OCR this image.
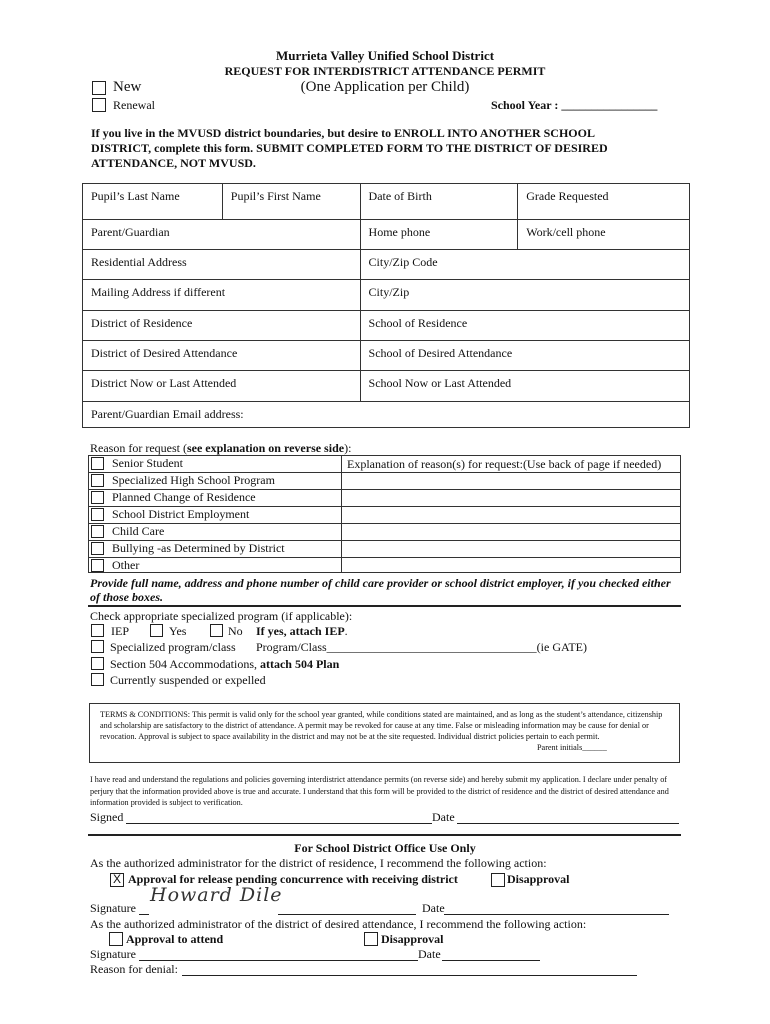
Murrieta Valley Unified School District
REQUEST FOR INTERDISTRICT ATTENDANCE PERMIT
(One Application per Child)
New
Renewal	School Year : ________________
If you live in the MVUSD district boundaries, but desire to ENROLL INTO ANOTHER SCHOOL DISTRICT, complete this form. SUBMIT COMPLETED FORM TO THE DISTRICT OF DESIRED ATTENDANCE, NOT MVUSD.
Pupil’s Last Name	Pupil’s First Name	Date of Birth	Grade Requested
Parent/Guardian		Home phone	Work/cell phone
Residential Address		City/Zip Code	
Mailing Address if different		City/Zip	
District of Residence		School of Residence	
District of Desired Attendance		School of Desired Attendance	
District Now or Last Attended		School Now or Last Attended	
Parent/Guardian Email address:			
Reason for request (see explanation on reverse side):
Explanation of reason(s) for request:(Use back of page if needed)
Senior Student
Specialized High School Program
Planned Change of Residence
School District Employment
Child Care
Bullying -as Determined by District
Other
Provide full name, address and phone number of child care provider or school district employer, if you checked either of those boxes.
Check appropriate specialized program (if applicable):
IEP	Yes	No If yes, attach IEP.
Specialized program/class Program/Class___________________________________(ie GATE)
Section 504 Accommodations, attach 504 Plan
Currently suspended or expelled
TERMS & CONDITIONS: This permit is valid only for the school year granted, while conditions stated are maintained, and as long as the student’s attendance, citizenship and scholarship are satisfactory to the district of attendance. A permit may be revoked for cause at any time. False or misleading information may be cause for denial or revocation. Approval is subject to space availability in the district and may not be at the site requested. Individual district policies pertain to each permit.
Parent initials______
I have read and understand the regulations and policies governing interdistrict attendance permits (on reverse side) and hereby submit my application. I declare under penalty of perjury that the information provided above is true and accurate. I understand that this form will be provided to the district of residence and the district of desired attendance and information provided is subject to verification.
Signed	Date
For School District Office Use Only
As the authorized administrator for the district of residence, I recommend the following action:
X Approval for release pending concurrence with receiving district	Disapproval
Signature
Howard Dile
Date
As the authorized administrator of the district of desired attendance, I recommend the following action:
Approval to attend	Disapproval
Signature	Date
Reason for denial:
